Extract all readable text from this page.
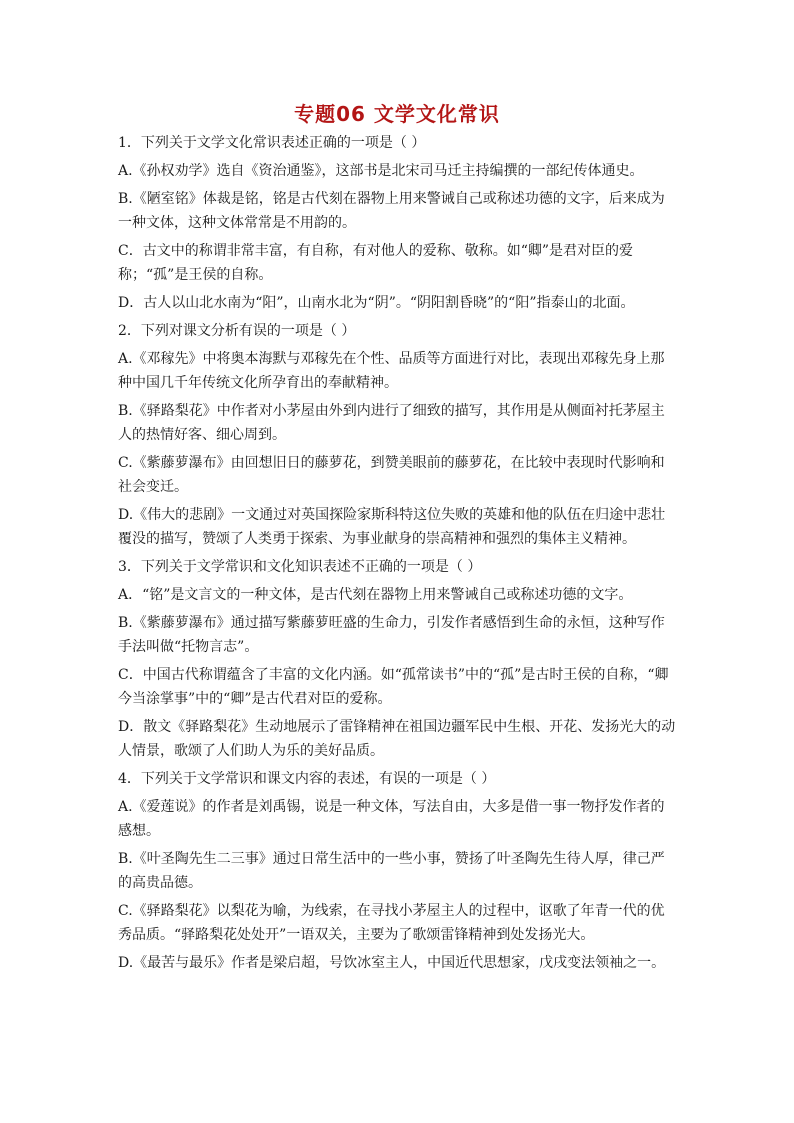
专题06 文学文化常识
1．下列关于文学文化常识表述正确的一项是（ ）
A.《孙权劝学》选自《资治通鉴》，这部书是北宋司马迁主持编撰的一部纪传体通史。
B.《陋室铭》体裁是铭，铭是古代刻在器物上用来警诫自己或称述功德的文字，后来成为一种文体，这种文体常常是不用韵的。
C．古文中的称谓非常丰富，有自称，有对他人的爱称、敬称。如“卿”是君对臣的爱称；“孤”是王侯的自称。
D．古人以山北水南为“阳”，山南水北为“阴”。“阴阳割昏晓”的“阳”指泰山的北面。
2．下列对课文分析有误的一项是（ ）
A.《邓稼先》中将奥本海默与邓稼先在个性、品质等方面进行对比，表现出邓稼先身上那种中国几千年传统文化所孕育出的奉献精神。
B.《驿路梨花》中作者对小茅屋由外到内进行了细致的描写，其作用是从侧面衬托茅屋主人的热情好客、细心周到。
C.《紫藤萝瀑布》由回想旧日的藤萝花，到赞美眼前的藤萝花，在比较中表现时代影响和社会变迁。
D.《伟大的悲剧》一文通过对英国探险家斯科特这位失败的英雄和他的队伍在归途中悲壮覆没的描写，赞颂了人类勇于探索、为事业献身的崇高精神和强烈的集体主义精神。
3．下列关于文学常识和文化知识表述不正确的一项是（ ）
A．“铭”是文言文的一种文体，是古代刻在器物上用来警诫自己或称述功德的文字。
B.《紫藤萝瀑布》通过描写紫藤萝旺盛的生命力，引发作者感悟到生命的永恒，这种写作手法叫做“托物言志”。
C．中国古代称谓蕴含了丰富的文化内涵。如“孤常读书”中的“孤”是古时王侯的自称，“卿今当涂掌事”中的“卿”是古代君对臣的爱称。
D．散文《驿路梨花》生动地展示了雷锋精神在祖国边疆军民中生根、开花、发扬光大的动人情景，歌颂了人们助人为乐的美好品质。
4．下列关于文学常识和课文内容的表述，有误的一项是（ ）
A.《爱莲说》的作者是刘禹锡，说是一种文体，写法自由，大多是借一事一物抒发作者的感想。
B.《叶圣陶先生二三事》通过日常生活中的一些小事，赞扬了叶圣陶先生待人厚，律己严的高贵品德。
C.《驿路梨花》以梨花为喻，为线索，在寻找小茅屋主人的过程中，讴歌了年青一代的优秀品质。“驿路梨花处处开”一语双关，主要为了歌颂雷锋精神到处发扬光大。
D.《最苦与最乐》作者是梁启超，号饮冰室主人，中国近代思想家，戊戌变法领袖之一。
